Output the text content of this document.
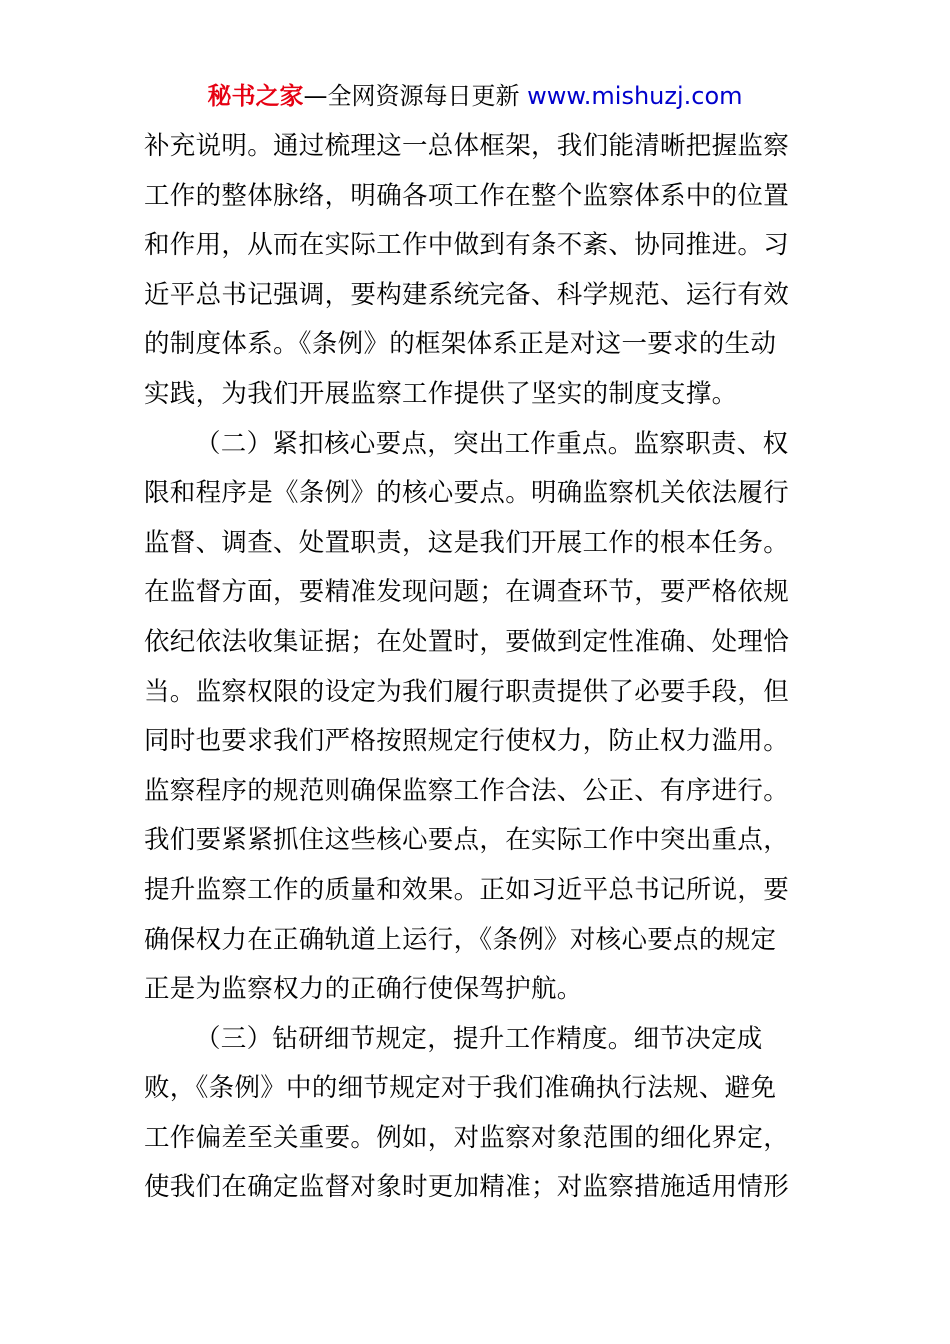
秘书之家—全网资源每日更新 www.mishuzj.com
补充说明。通过梳理这一总体框架，我们能清晰把握监察
工作的整体脉络，明确各项工作在整个监察体系中的位置
和作用，从而在实际工作中做到有条不紊、协同推进。习
近平总书记强调，要构建系统完备、科学规范、运行有效
的制度体系。《条例》的框架体系正是对这一要求的生动
实践，为我们开展监察工作提供了坚实的制度支撑。
（二）紧扣核心要点，突出工作重点。监察职责、权
限和程序是《条例》的核心要点。明确监察机关依法履行
监督、调查、处置职责，这是我们开展工作的根本任务。
在监督方面，要精准发现问题；在调查环节，要严格依规
依纪依法收集证据；在处置时，要做到定性准确、处理恰
当。监察权限的设定为我们履行职责提供了必要手段，但
同时也要求我们严格按照规定行使权力，防止权力滥用。
监察程序的规范则确保监察工作合法、公正、有序进行。
我们要紧紧抓住这些核心要点，在实际工作中突出重点，
提升监察工作的质量和效果。正如习近平总书记所说，要
确保权力在正确轨道上运行，《条例》对核心要点的规定
正是为监察权力的正确行使保驾护航。
（三）钻研细节规定，提升工作精度。细节决定成
败，《条例》中的细节规定对于我们准确执行法规、避免
工作偏差至关重要。例如，对监察对象范围的细化界定，
使我们在确定监督对象时更加精准；对监察措施适用情形
